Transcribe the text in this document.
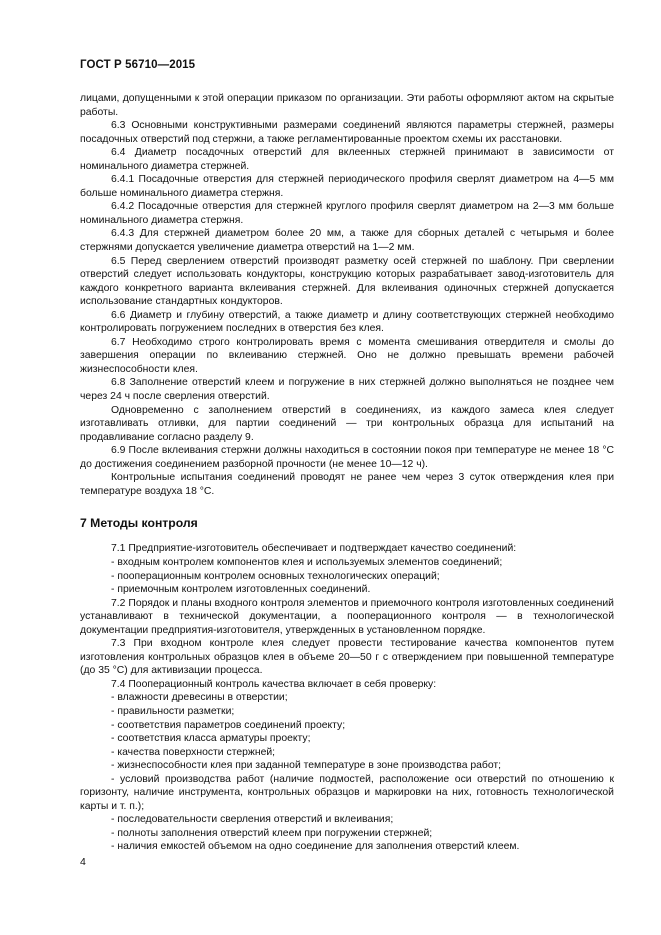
ГОСТ Р 56710—2015

лицами, допущенными к этой операции приказом по организации. Эти работы оформляют актом на скрытые работы.

6.3 Основными конструктивными размерами соединений являются параметры стержней, размеры посадочных отверстий под стержни, а также регламентированные проектом схемы их расстановки.

6.4 Диаметр посадочных отверстий для вклеенных стержней принимают в зависимости от номинального диаметра стержней.

6.4.1 Посадочные отверстия для стержней периодического профиля сверлят диаметром на 4—5 мм больше номинального диаметра стержня.

6.4.2 Посадочные отверстия для стержней круглого профиля сверлят диаметром на 2—3 мм больше номинального диаметра стержня.

6.4.3 Для стержней диаметром более 20 мм, а также для сборных деталей с четырьмя и более стержнями допускается увеличение диаметра отверстий на 1—2 мм.

6.5 Перед сверлением отверстий производят разметку осей стержней по шаблону. При сверлении отверстий следует использовать кондукторы, конструкцию которых разрабатывает завод-изготовитель для каждого конкретного варианта вклеивания стержней. Для вклеивания одиночных стержней допускается использование стандартных кондукторов.

6.6 Диаметр и глубину отверстий, а также диаметр и длину соответствующих стержней необходимо контролировать погружением последних в отверстия без клея.

6.7 Необходимо строго контролировать время с момента смешивания отвердителя и смолы до завершения операции по вклеиванию стержней. Оно не должно превышать времени рабочей жизнеспособности клея.

6.8 Заполнение отверстий клеем и погружение в них стержней должно выполняться не позднее чем через 24 ч после сверления отверстий.

Одновременно с заполнением отверстий в соединениях, из каждого замеса клея следует изготавливать отливки, для партии соединений — три контрольных образца для испытаний на продавливание согласно разделу 9.

6.9 После вклеивания стержни должны находиться в состоянии покоя при температуре не менее 18 °С до достижения соединением разборной прочности (не менее 10—12 ч).

Контрольные испытания соединений проводят не ранее чем через 3 суток отверждения клея при температуре воздуха 18 °С.

7 Методы контроля

7.1 Предприятие-изготовитель обеспечивает и подтверждает качество соединений:

- входным контролем компонентов клея и используемых элементов соединений;

- пооперационным контролем основных технологических операций;

- приемочным контролем изготовленных соединений.

7.2 Порядок и планы входного контроля элементов и приемочного контроля изготовленных соединений устанавливают в технической документации, а пооперационного контроля — в технологической документации предприятия-изготовителя, утвержденных в установленном порядке.

7.3 При входном контроле клея следует провести тестирование качества компонентов путем изготовления контрольных образцов клея в объеме 20—50 г с отверждением при повышенной температуре (до 35 °С) для активизации процесса.

7.4 Пооперационный контроль качества включает в себя проверку:

- влажности древесины в отверстии;

- правильности разметки;

- соответствия параметров соединений проекту;

- соответствия класса арматуры проекту;

- качества поверхности стержней;

- жизнеспособности клея при заданной температуре в зоне производства работ;

- условий производства работ (наличие подмостей, расположение оси отверстий по отношению к горизонту, наличие инструмента, контрольных образцов и маркировки на них, готовность технологической карты и т. п.);

- последовательности сверления отверстий и вклеивания;

- полноты заполнения отверстий клеем при погружении стержней;

- наличия емкостей объемом на одно соединение для заполнения отверстий клеем.

4
